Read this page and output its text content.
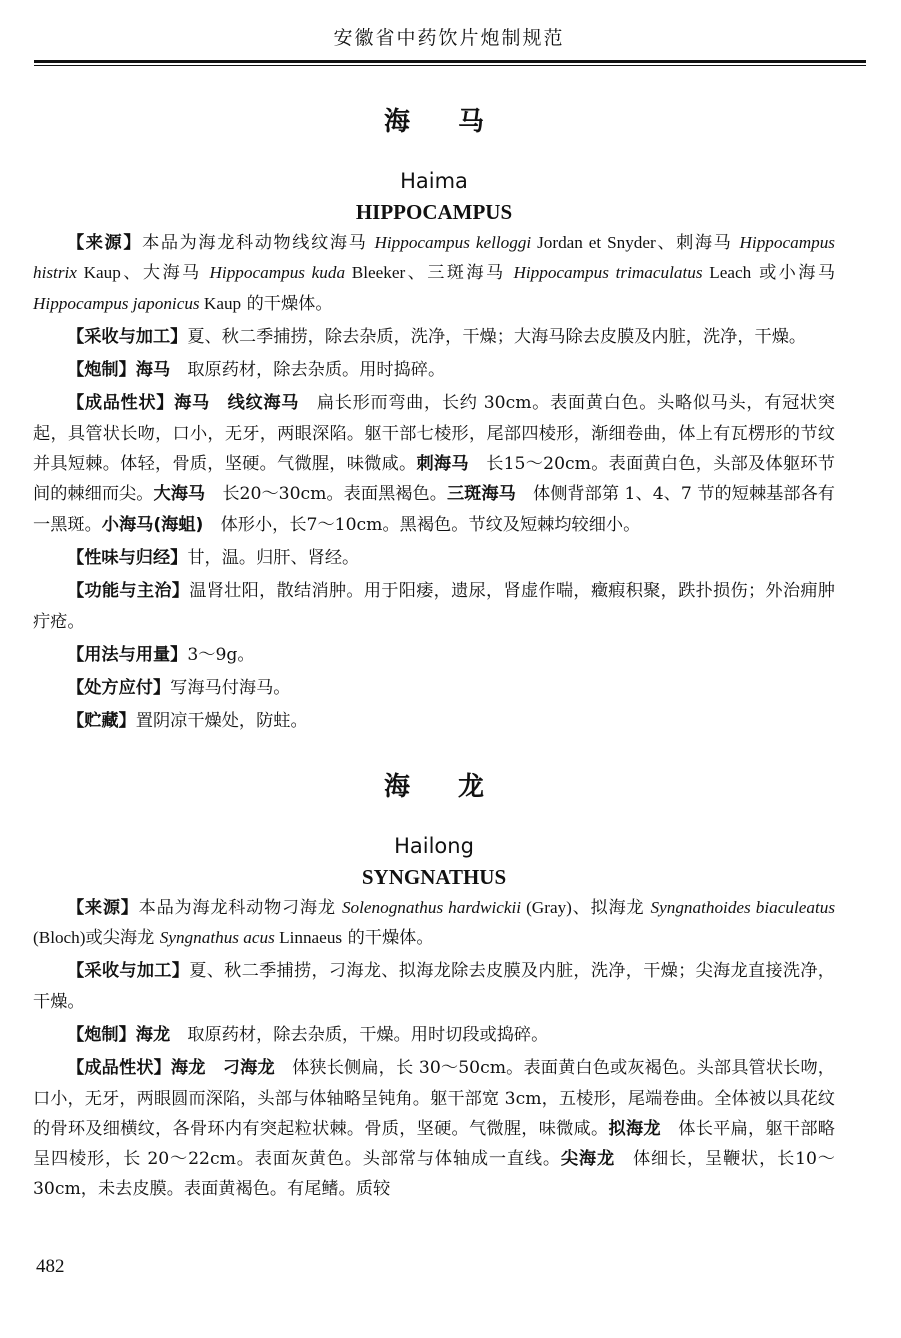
安徽省中药饮片炮制规范
海马
Haima
HIPPOCAMPUS

【来源】本品为海龙科动物线纹海马 Hippocampus kelloggi Jordan et Snyder、刺海马 Hippocampus histrix Kaup、大海马 Hippocampus kuda Bleeker、三斑海马 Hippocampus trimaculatus Leach 或小海马 Hippocampus japonicus Kaup 的干燥体。

【采收与加工】夏、秋二季捕捞，除去杂质，洗净，干燥；大海马除去皮膜及内脏，洗净，干燥。

【炮制】海马　取原药材，除去杂质。用时捣碎。

【成品性状】海马　线纹海马　扁长形而弯曲，长约 30cm。表面黄白色。头略似马头，有冠状突起，具管状长吻，口小，无牙，两眼深陷。躯干部七棱形，尾部四棱形，渐细卷曲，体上有瓦楞形的节纹并具短棘。体轻，骨质，坚硬。气微腥，味微咸。刺海马　长15～20cm。表面黄白色，头部及体躯环节间的棘细而尖。大海马　长20～30cm。表面黑褐色。三斑海马　体侧背部第 1、4、7 节的短棘基部各有一黑斑。小海马(海蛆)　体形小，长7～10cm。黑褐色。节纹及短棘均较细小。

【性味与归经】甘，温。归肝、肾经。

【功能与主治】温肾壮阳，散结消肿。用于阳痿，遗尿，肾虚作喘，癥瘕积聚，跌扑损伤；外治痈肿疔疮。

【用法与用量】3～9g。

【处方应付】写海马付海马。

【贮藏】置阴凉干燥处，防蛀。

海龙
Hailong
SYNGNATHUS

【来源】本品为海龙科动物刁海龙 Solenognathus hardwickii (Gray)、拟海龙 Syngnathoides biaculeatus (Bloch)或尖海龙 Syngnathus acus Linnaeus 的干燥体。

【采收与加工】夏、秋二季捕捞，刁海龙、拟海龙除去皮膜及内脏，洗净，干燥；尖海龙直接洗净，干燥。

【炮制】海龙　取原药材，除去杂质，干燥。用时切段或捣碎。

【成品性状】海龙　刁海龙　体狭长侧扁，长 30～50cm。表面黄白色或灰褐色。头部具管状长吻，口小，无牙，两眼圆而深陷，头部与体轴略呈钝角。躯干部宽 3cm，五棱形，尾端卷曲。全体被以具花纹的骨环及细横纹，各骨环内有突起粒状棘。骨质，坚硬。气微腥，味微咸。拟海龙　体长平扁，躯干部略呈四棱形，长 20～22cm。表面灰黄色。头部常与体轴成一直线。尖海龙　体细长，呈鞭状，长10～30cm，未去皮膜。表面黄褐色。有尾鳍。质较

482
